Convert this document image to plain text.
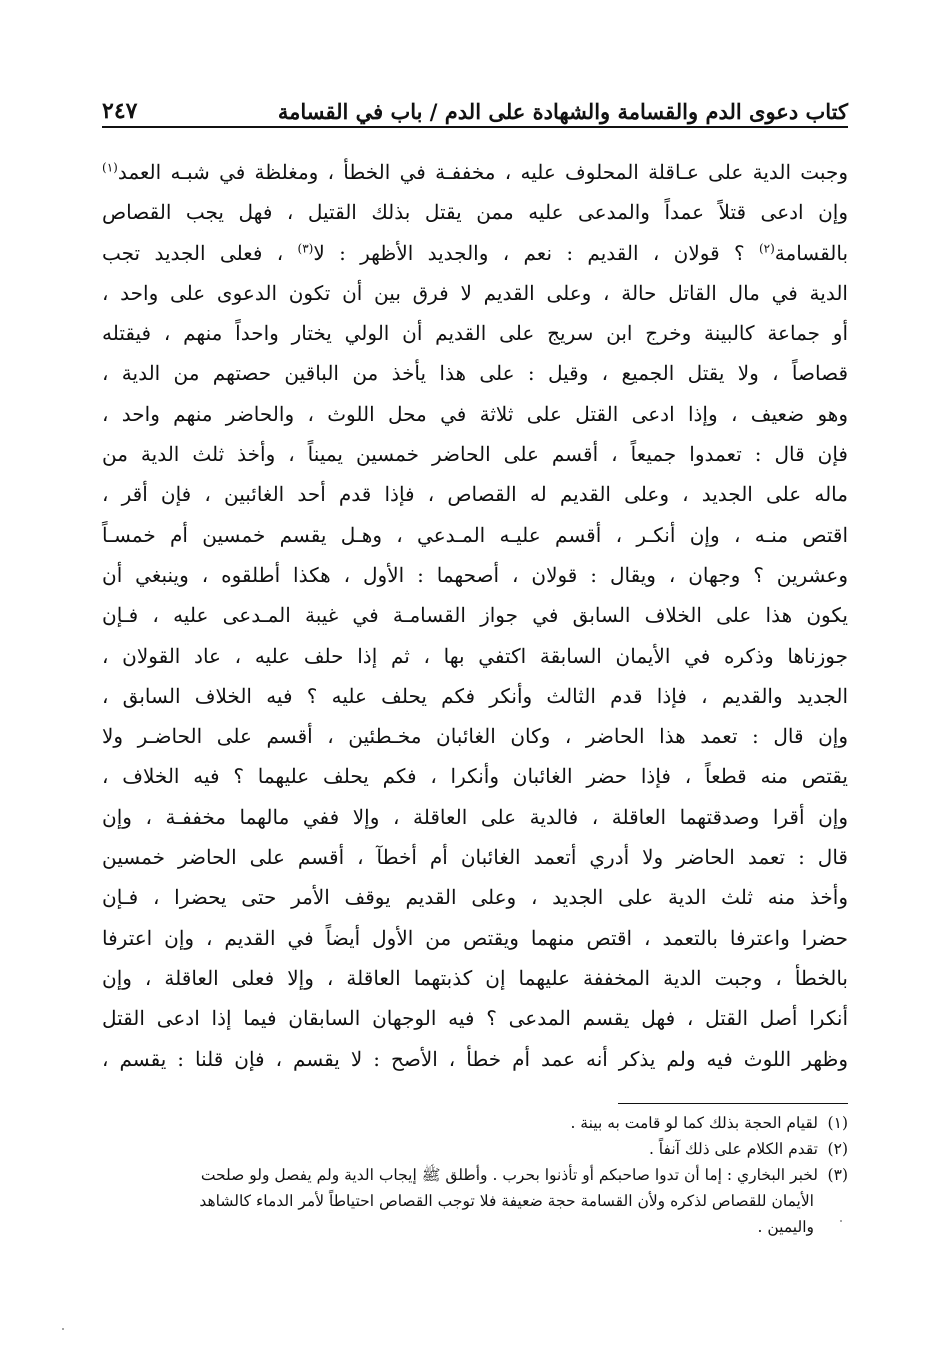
كتاب دعوى الدم والقسامة والشهادة على الدم / باب في القسامة
٢٤٧
وجبت الدية على عـاقلة المحلوف عليه ، مخففـة في الخطأ ، ومغلظة في شبـه العمد$^{(١)}$
وإن ادعى قتلاً عمداً والمدعى عليه ممن يقتل بذلك القتيل ، فهل يجب القصاص
بالقسامة$^{(٢)}$ ؟ قولان ، القديم : نعم ، والجديد الأظهر : لا$^{(٣)}$ ، فعلى الجديد تجب
الدية في مال القاتل حالة ، وعلى القديم لا فرق بين أن تكون الدعوى على واحد ،
أو جماعة كالبينة وخرج ابن سريج على القديم أن الولي يختار واحداً منهم ، فيقتله
قصاصاً ، ولا يقتل الجميع ، وقيل : على هذا يأخذ من الباقين حصتهم من الدية ،
وهو ضعيف ، وإذا ادعى القتل على ثلاثة في محل اللوث ، والحاضر منهم واحد ،
فإن قال : تعمدوا جميعاً ، أقسم على الحاضر خمسين يميناً ، وأخذ ثلث الدية من
ماله على الجديد ، وعلى القديم له القصاص ، فإذا قدم أحد الغائبين ، فإن أقر ،
اقتص منـه ، وإن أنكـر ، أقسم عليـه المـدعي ، وهـل يقسم خمسين أم خمسـاً
وعشرين ؟ وجهان ، ويقال : قولان ، أصحهما : الأول ، هكذا أطلقوه ، وينبغي أن
يكون هذا على الخلاف السابق في جواز القسامـة في غيبة المـدعى عليه ، فـإن
جوزناها وذكره في الأيمان السابقة اكتفي بها ، ثم إذا حلف عليه ، عاد القولان ،
الجديد والقديم ، فإذا قدم الثالث وأنكر فكم يحلف عليه ؟ فيه الخلاف السابق ،
وإن قال : تعمد هذا الحاضر ، وكان الغائبان مخـطئين ، أقسم على الحاضـر ولا
يقتص منه قطعاً ، فإذا حضر الغائبان وأنكرا ، فكم يحلف عليهما ؟ فيه الخلاف ،
وإن أقرا وصدقتهما العاقلة ، فالدية على العاقلة ، وإلا ففي مالهما مخففـة ، وإن
قال : تعمد الحاضر ولا أدري أتعمد الغائبان أم أخطآ ، أقسم على الحاضر خمسين
وأخذ منه ثلث الدية على الجديد ، وعلى القديم يوقف الأمر حتى يحضرا ، فـإن
حضرا واعترفا بالتعمد ، اقتص منهما ويقتص من الأول أيضاً في القديم ، وإن اعترفا
بالخطأ ، وجبت الدية المخففة عليهما إن كذبتهما العاقلة ، وإلا فعلى العاقلة ، وإن
أنكرا أصل القتل ، فهل يقسم المدعى ؟ فيه الوجهان السابقان فيما إذا ادعى القتل
وظهر اللوث فيه ولم يذكر أنه عمد أم خطأ ، الأصح : لا يقسم ، فإن قلنا : يقسم ،
(١)لقيام الحجة بذلك كما لو قامت به بينة .
(٢)تقدم الكلام على ذلك آنفاً .
(٣)لخبر البخاري : إما أن تدوا صاحبكم أو تأذنوا بحرب . وأطلق ﷺ إيجاب الدية ولم يفصل ولو صلحت
الأيمان للقصاص لذكره ولأن القسامة حجة ضعيفة فلا توجب القصاص احتياطاً لأمر الدماء كالشاهد
واليمين .
